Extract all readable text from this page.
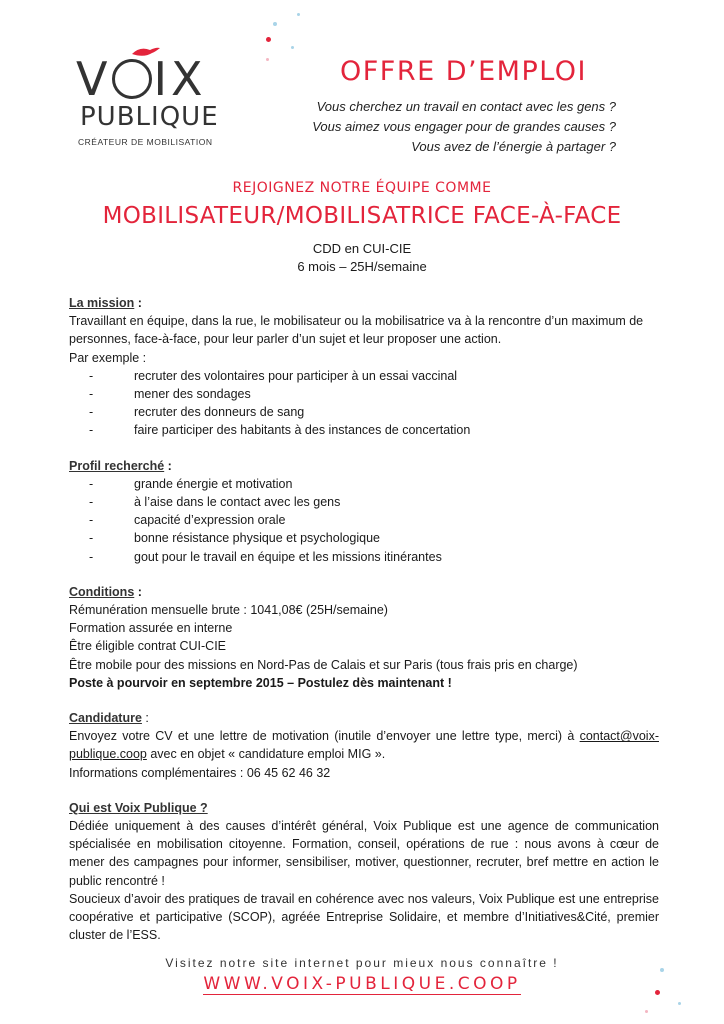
V IX
PUBLIQUE
CRÉATEUR DE MOBILISATION
OFFRE D’EMPLOI
Vous cherchez un travail en contact avec les gens ?
Vous aimez vous engager pour de grandes causes ?
Vous avez de l’énergie à partager ?
REJOIGNEZ NOTRE ÉQUIPE COMME
MOBILISATEUR/MOBILISATRICE FACE-À-FACE
CDD en CUI-CIE
6 mois – 25H/semaine

La mission :

Travaillant en équipe, dans la rue, le mobilisateur ou la mobilisatrice va à la rencontre d’un maximum de personnes, face-à-face, pour leur parler d’un sujet et leur proposer une action.

Par exemple :

- recruter des volontaires pour participer à un essai vaccinal
- mener des sondages
- recruter des donneurs de sang
- faire participer des habitants à des instances de concertation

Profil recherché :

- grande énergie et motivation
- à l’aise dans le contact avec les gens
- capacité d’expression orale
- bonne résistance physique et psychologique
- gout pour le travail en équipe et les missions itinérantes

Conditions :

Rémunération mensuelle brute : 1041,08€ (25H/semaine)

Formation assurée en interne

Être éligible contrat CUI-CIE

Être mobile pour des missions en Nord-Pas de Calais et sur Paris (tous frais pris en charge)

Poste à pourvoir en septembre 2015 – Postulez dès maintenant !

Candidature :

Envoyez votre CV et une lettre de motivation (inutile d’envoyer une lettre type, merci) à contact@voix-publique.coop avec en objet « candidature emploi MIG ».

Informations complémentaires : 06 45 62 46 32

Qui est Voix Publique ?

Dédiée uniquement à des causes d’intérêt général, Voix Publique est une agence de communication spécialisée en mobilisation citoyenne. Formation, conseil, opérations de rue : nous avons à cœur de mener des campagnes pour informer, sensibiliser, motiver, questionner, recruter, bref mettre en action le public rencontré !

Soucieux d’avoir des pratiques de travail en cohérence avec nos valeurs, Voix Publique est une entreprise coopérative et participative (SCOP), agréée Entreprise Solidaire, et membre d’Initiatives&Cité, premier cluster de l’ESS.

Visitez notre site internet pour mieux nous connaître !
WWW.VOIX-PUBLIQUE.COOP
